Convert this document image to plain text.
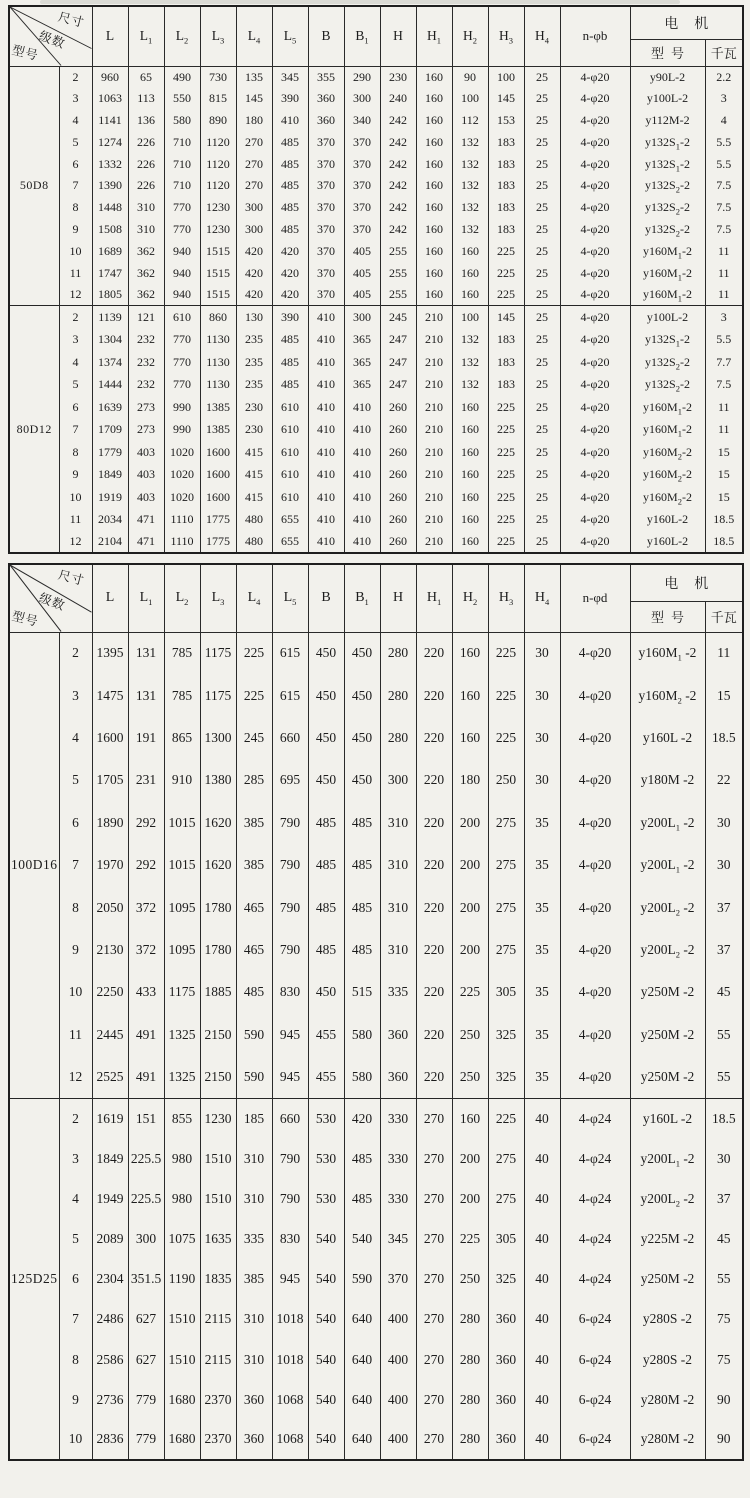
尺寸
级数
型号		L	$L_1$	$L_2$	$L_3$	$L_4$	$L_5$	B	$B_1$	H	$H_1$	$H_2$	$H_3$	$H_4$	n-φb	电机	
																型号	千瓦
50D8	2	960	65	490	730	135	345	355	290	230	160	90	100	25	4-φ20	y90L-2	2.2
	3	1063	113	550	815	145	390	360	300	240	160	100	145	25	4-φ20	y100L-2	3
	4	1141	136	580	890	180	410	360	340	242	160	112	153	25	4-φ20	y112M-2	4
	5	1274	226	710	1120	270	485	370	370	242	160	132	183	25	4-φ20	$y132S_1-2$	5.5
	6	1332	226	710	1120	270	485	370	370	242	160	132	183	25	4-φ20	$y132S_1-2$	5.5
	7	1390	226	710	1120	270	485	370	370	242	160	132	183	25	4-φ20	$y132S_2-2$	7.5
	8	1448	310	770	1230	300	485	370	370	242	160	132	183	25	4-φ20	$y132S_2-2$	7.5
	9	1508	310	770	1230	300	485	370	370	242	160	132	183	25	4-φ20	$y132S_2-2$	7.5
	10	1689	362	940	1515	420	420	370	405	255	160	160	225	25	4-φ20	$y160M_1-2$	11
	11	1747	362	940	1515	420	420	370	405	255	160	160	225	25	4-φ20	$y160M_1-2$	11
	12	1805	362	940	1515	420	420	370	405	255	160	160	225	25	4-φ20	$y160M_1-2$	11
80D12	2	1139	121	610	860	130	390	410	300	245	210	100	145	25	4-φ20	y100L-2	3
	3	1304	232	770	1130	235	485	410	365	247	210	132	183	25	4-φ20	$y132S_1-2$	5.5
	4	1374	232	770	1130	235	485	410	365	247	210	132	183	25	4-φ20	$y132S_2-2$	7.7
	5	1444	232	770	1130	235	485	410	365	247	210	132	183	25	4-φ20	$y132S_2-2$	7.5
	6	1639	273	990	1385	230	610	410	410	260	210	160	225	25	4-φ20	$y160M_1-2$	11
	7	1709	273	990	1385	230	610	410	410	260	210	160	225	25	4-φ20	$y160M_1-2$	11
	8	1779	403	1020	1600	415	610	410	410	260	210	160	225	25	4-φ20	$y160M_2-2$	15
	9	1849	403	1020	1600	415	610	410	410	260	210	160	225	25	4-φ20	$y160M_2-2$	15
	10	1919	403	1020	1600	415	610	410	410	260	210	160	225	25	4-φ20	$y160M_2-2$	15
	11	2034	471	1110	1775	480	655	410	410	260	210	160	225	25	4-φ20	y160L-2	18.5
	12	2104	471	1110	1775	480	655	410	410	260	210	160	225	25	4-φ20	y160L-2	18.5
尺寸
级数
型号		L	$L_1$	$L_2$	$L_3$	$L_4$	$L_5$	B	$B_1$	H	$H_1$	$H_2$	$H_3$	$H_4$	n-φd	电机	
																型号	千瓦
100D16	2	1395	131	785	1175	225	615	450	450	280	220	160	225	30	4-φ20	$y160M_1$ -2	11
	3	1475	131	785	1175	225	615	450	450	280	220	160	225	30	4-φ20	$y160M_2$ -2	15
	4	1600	191	865	1300	245	660	450	450	280	220	160	225	30	4-φ20	y160L -2	18.5
	5	1705	231	910	1380	285	695	450	450	300	220	180	250	30	4-φ20	y180M -2	22
	6	1890	292	1015	1620	385	790	485	485	310	220	200	275	35	4-φ20	$y200L_1$ -2	30
	7	1970	292	1015	1620	385	790	485	485	310	220	200	275	35	4-φ20	$y200L_1$ -2	30
	8	2050	372	1095	1780	465	790	485	485	310	220	200	275	35	4-φ20	$y200L_2$ -2	37
	9	2130	372	1095	1780	465	790	485	485	310	220	200	275	35	4-φ20	$y200L_2$ -2	37
	10	2250	433	1175	1885	485	830	450	515	335	220	225	305	35	4-φ20	y250M -2	45
	11	2445	491	1325	2150	590	945	455	580	360	220	250	325	35	4-φ20	y250M -2	55
	12	2525	491	1325	2150	590	945	455	580	360	220	250	325	35	4-φ20	y250M -2	55
125D25	2	1619	151	855	1230	185	660	530	420	330	270	160	225	40	4-φ24	y160L -2	18.5
	3	1849	225.5	980	1510	310	790	530	485	330	270	200	275	40	4-φ24	$y200L_1$ -2	30
	4	1949	225.5	980	1510	310	790	530	485	330	270	200	275	40	4-φ24	$y200L_2$ -2	37
	5	2089	300	1075	1635	335	830	540	540	345	270	225	305	40	4-φ24	y225M -2	45
	6	2304	351.5	1190	1835	385	945	540	590	370	270	250	325	40	4-φ24	y250M -2	55
	7	2486	627	1510	2115	310	1018	540	640	400	270	280	360	40	6-φ24	y280S -2	75
	8	2586	627	1510	2115	310	1018	540	640	400	270	280	360	40	6-φ24	y280S -2	75
	9	2736	779	1680	2370	360	1068	540	640	400	270	280	360	40	6-φ24	y280M -2	90
	10	2836	779	1680	2370	360	1068	540	640	400	270	280	360	40	6-φ24	y280M -2	90
